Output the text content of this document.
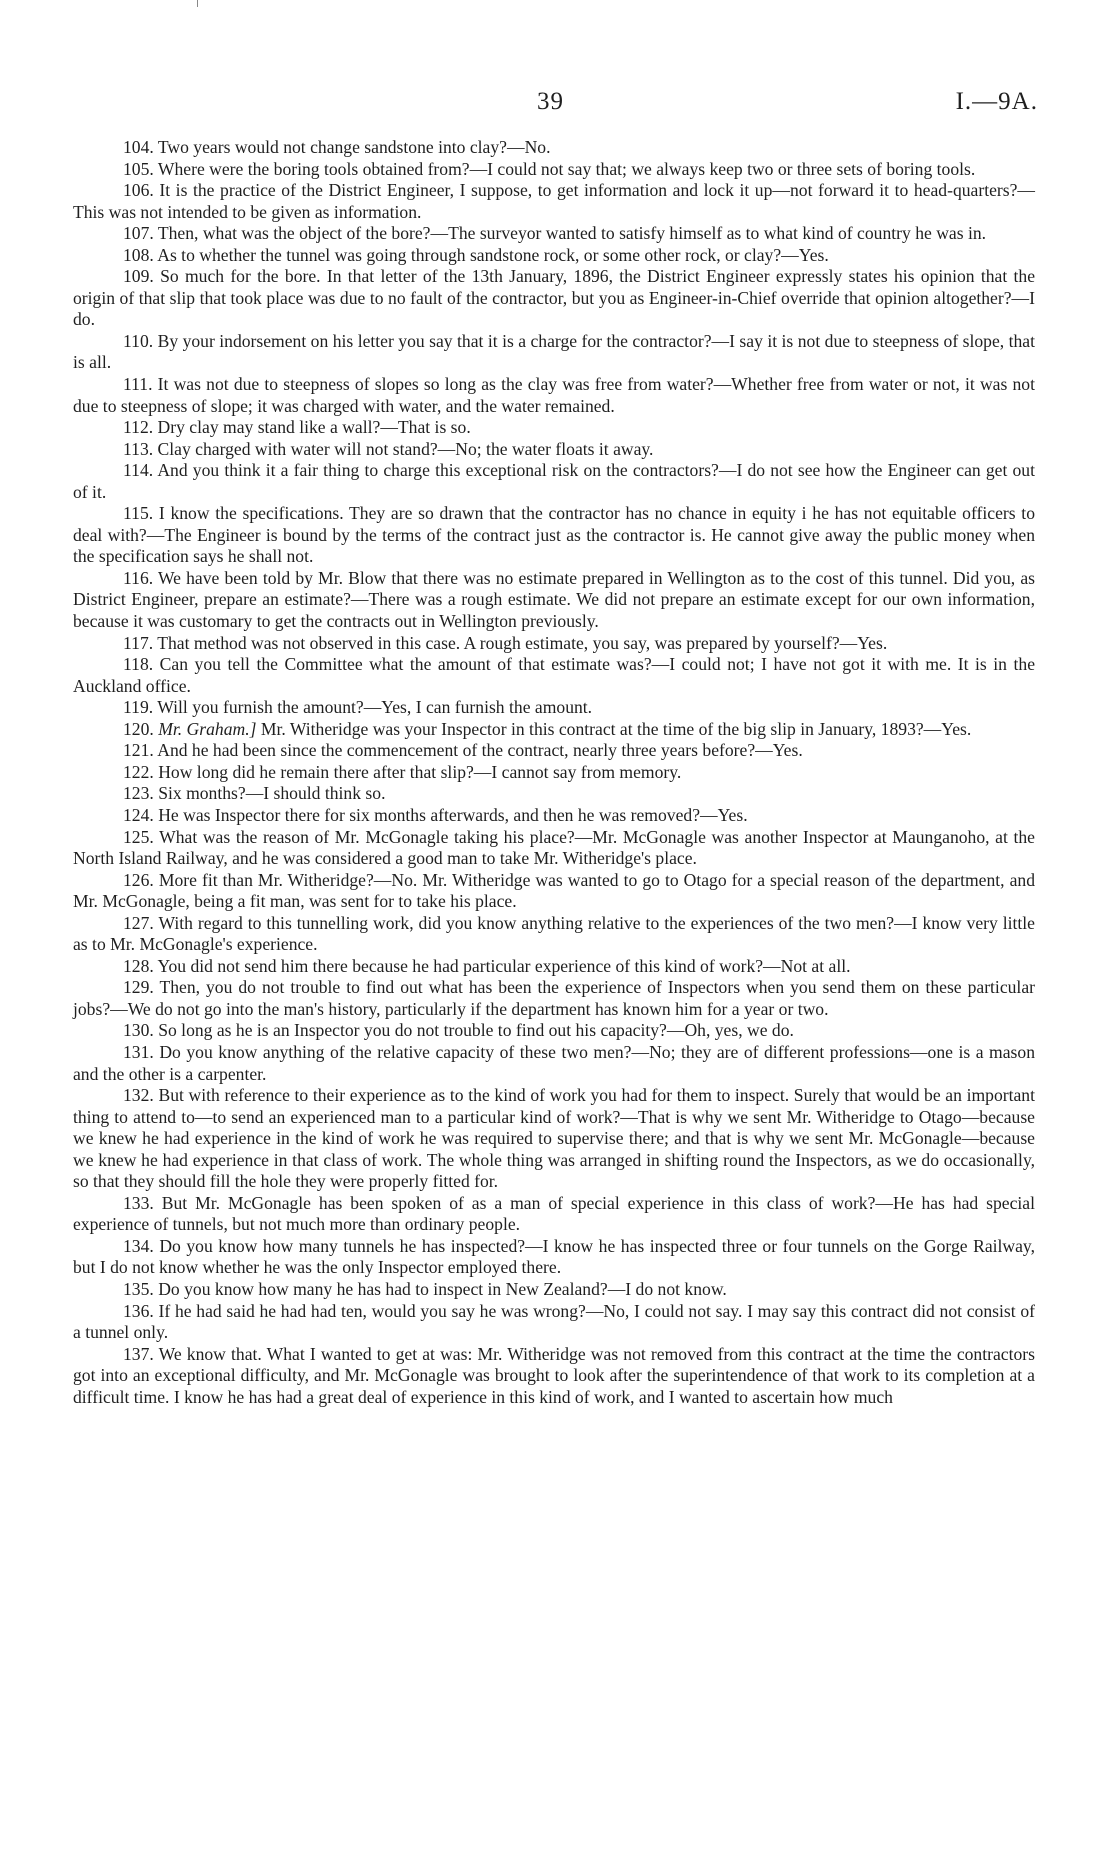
39	I.—9A.

104. Two years would not change sandstone into clay?—No.

105. Where were the boring tools obtained from?—I could not say that; we always keep two or three sets of boring tools.

106. It is the practice of the District Engineer, I suppose, to get information and lock it up—not forward it to head-quarters?—This was not intended to be given as information.

107. Then, what was the object of the bore?—The surveyor wanted to satisfy himself as to what kind of country he was in.

108. As to whether the tunnel was going through sandstone rock, or some other rock, or clay?—Yes.

109. So much for the bore. In that letter of the 13th January, 1896, the District Engineer expressly states his opinion that the origin of that slip that took place was due to no fault of the contractor, but you as Engineer-in-Chief override that opinion altogether?—I do.

110. By your indorsement on his letter you say that it is a charge for the contractor?—I say it is not due to steepness of slope, that is all.

111. It was not due to steepness of slopes so long as the clay was free from water?—Whether free from water or not, it was not due to steepness of slope; it was charged with water, and the water remained.

112. Dry clay may stand like a wall?—That is so.

113. Clay charged with water will not stand?—No; the water floats it away.

114. And you think it a fair thing to charge this exceptional risk on the contractors?—I do not see how the Engineer can get out of it.

115. I know the specifications. They are so drawn that the contractor has no chance in equity i he has not equitable officers to deal with?—The Engineer is bound by the terms of the contract just as the contractor is. He cannot give away the public money when the specification says he shall not.

116. We have been told by Mr. Blow that there was no estimate prepared in Wellington as to the cost of this tunnel. Did you, as District Engineer, prepare an estimate?—There was a rough estimate. We did not prepare an estimate except for our own information, because it was customary to get the contracts out in Wellington previously.

117. That method was not observed in this case. A rough estimate, you say, was prepared by yourself?—Yes.

118. Can you tell the Committee what the amount of that estimate was?—I could not; I have not got it with me. It is in the Auckland office.

119. Will you furnish the amount?—Yes, I can furnish the amount.

120. Mr. Graham.] Mr. Witheridge was your Inspector in this contract at the time of the big slip in January, 1893?—Yes.

121. And he had been since the commencement of the contract, nearly three years before?—Yes.

122. How long did he remain there after that slip?—I cannot say from memory.

123. Six months?—I should think so.

124. He was Inspector there for six months afterwards, and then he was removed?—Yes.

125. What was the reason of Mr. McGonagle taking his place?—Mr. McGonagle was another Inspector at Maunganoho, at the North Island Railway, and he was considered a good man to take Mr. Witheridge's place.

126. More fit than Mr. Witheridge?—No. Mr. Witheridge was wanted to go to Otago for a special reason of the department, and Mr. McGonagle, being a fit man, was sent for to take his place.

127. With regard to this tunnelling work, did you know anything relative to the experiences of the two men?—I know very little as to Mr. McGonagle's experience.

128. You did not send him there because he had particular experience of this kind of work?—Not at all.

129. Then, you do not trouble to find out what has been the experience of Inspectors when you send them on these particular jobs?—We do not go into the man's history, particularly if the department has known him for a year or two.

130. So long as he is an Inspector you do not trouble to find out his capacity?—Oh, yes, we do.

131. Do you know anything of the relative capacity of these two men?—No; they are of different professions—one is a mason and the other is a carpenter.

132. But with reference to their experience as to the kind of work you had for them to inspect. Surely that would be an important thing to attend to—to send an experienced man to a particular kind of work?—That is why we sent Mr. Witheridge to Otago—because we knew he had experience in the kind of work he was required to supervise there; and that is why we sent Mr. McGonagle—because we knew he had experience in that class of work. The whole thing was arranged in shifting round the Inspectors, as we do occasionally, so that they should fill the hole they were properly fitted for.

133. But Mr. McGonagle has been spoken of as a man of special experience in this class of work?—He has had special experience of tunnels, but not much more than ordinary people.

134. Do you know how many tunnels he has inspected?—I know he has inspected three or four tunnels on the Gorge Railway, but I do not know whether he was the only Inspector employed there.

135. Do you know how many he has had to inspect in New Zealand?—I do not know.

136. If he had said he had had ten, would you say he was wrong?—No, I could not say. I may say this contract did not consist of a tunnel only.

137. We know that. What I wanted to get at was: Mr. Witheridge was not removed from this contract at the time the contractors got into an exceptional difficulty, and Mr. McGonagle was brought to look after the superintendence of that work to its completion at a difficult time. I know he has had a great deal of experience in this kind of work, and I wanted to ascertain how much
